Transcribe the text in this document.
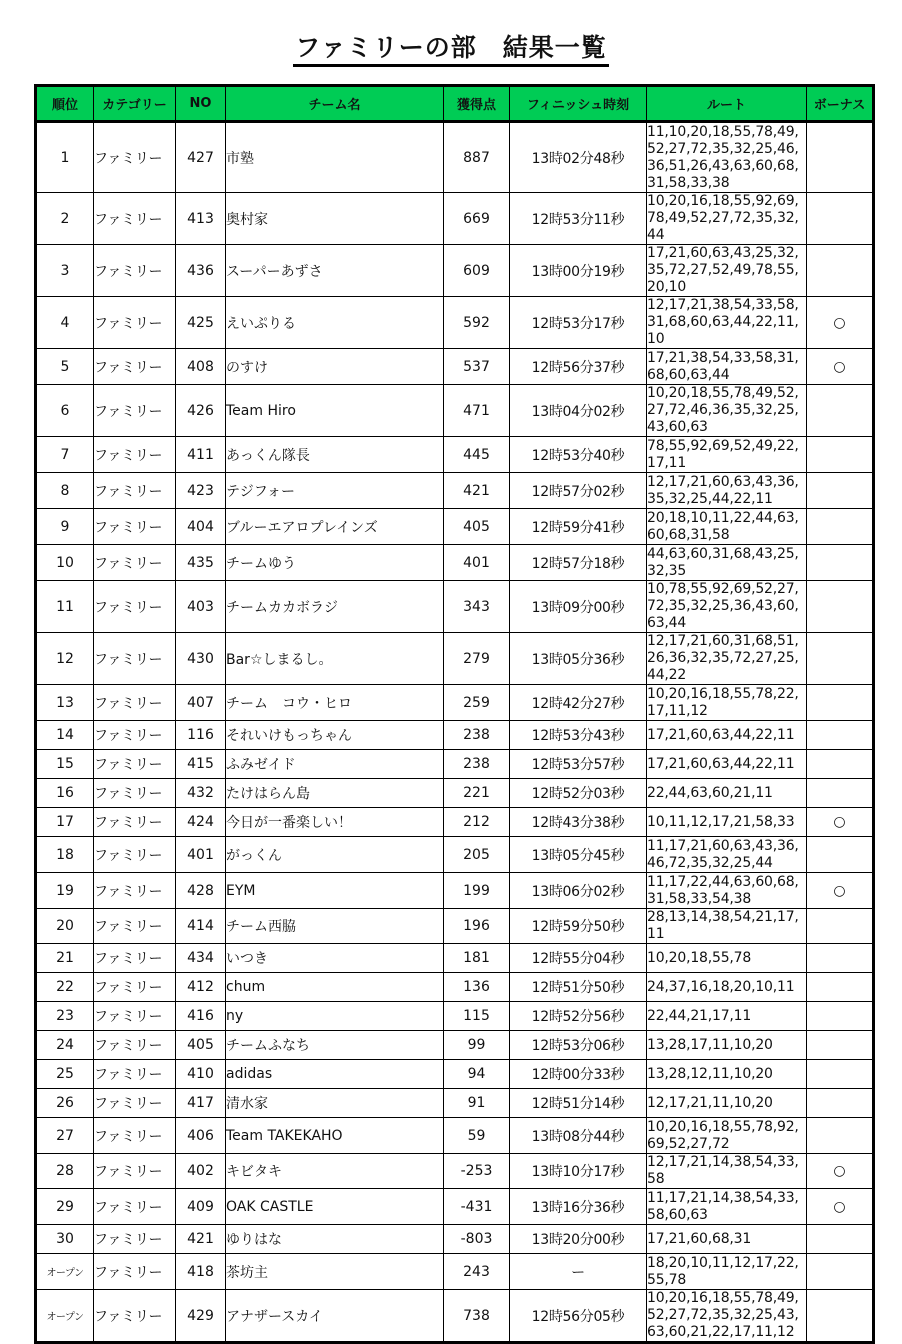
ファミリーの部　結果一覧
順位	カテゴリー	NO	チーム名	獲得点	フィニッシュ時刻	ルート	ボーナス
1	ファミリー	427	市塾	887	13時02分48秒	11,10,20,18,55,78,49,52,27,72,35,32,25,46,36,51,26,43,63,60,68,31,58,33,38	
2	ファミリー	413	奥村家	669	12時53分11秒	10,20,16,18,55,92,69,78,49,52,27,72,35,32,44	
3	ファミリー	436	スーパーあずさ	609	13時00分19秒	17,21,60,63,43,25,32,35,72,27,52,49,78,55,20,10	
4	ファミリー	425	えいぷりる	592	12時53分17秒	12,17,21,38,54,33,58,31,68,60,63,44,22,11,10	○
5	ファミリー	408	のすけ	537	12時56分37秒	17,21,38,54,33,58,31,68,60,63,44	○
6	ファミリー	426	Team Hiro	471	13時04分02秒	10,20,18,55,78,49,52,27,72,46,36,35,32,25,43,60,63	
7	ファミリー	411	あっくん隊長	445	12時53分40秒	78,55,92,69,52,49,22,17,11	
8	ファミリー	423	テジフォー	421	12時57分02秒	12,17,21,60,63,43,36,35,32,25,44,22,11	
9	ファミリー	404	ブルーエアロプレインズ	405	12時59分41秒	20,18,10,11,22,44,63,60,68,31,58	
10	ファミリー	435	チームゆう	401	12時57分18秒	44,63,60,31,68,43,25,32,35	
11	ファミリー	403	チームカカボラジ	343	13時09分00秒	10,78,55,92,69,52,27,72,35,32,25,36,43,60,63,44	
12	ファミリー	430	Bar☆しまるし。	279	13時05分36秒	12,17,21,60,31,68,51,26,36,32,35,72,27,25,44,22	
13	ファミリー	407	チーム　コウ・ヒロ	259	12時42分27秒	10,20,16,18,55,78,22,17,11,12	
14	ファミリー	116	それいけもっちゃん	238	12時53分43秒	17,21,60,63,44,22,11	
15	ファミリー	415	ふみゼイド	238	12時53分57秒	17,21,60,63,44,22,11	
16	ファミリー	432	たけはらん島	221	12時52分03秒	22,44,63,60,21,11	
17	ファミリー	424	今日が一番楽しい！	212	12時43分38秒	10,11,12,17,21,58,33	○
18	ファミリー	401	がっくん	205	13時05分45秒	11,17,21,60,63,43,36,46,72,35,32,25,44	
19	ファミリー	428	EYM	199	13時06分02秒	11,17,22,44,63,60,68,31,58,33,54,38	○
20	ファミリー	414	チーム西脇	196	12時59分50秒	28,13,14,38,54,21,17,11	
21	ファミリー	434	いつき	181	12時55分04秒	10,20,18,55,78	
22	ファミリー	412	chum	136	12時51分50秒	24,37,16,18,20,10,11	
23	ファミリー	416	ny	115	12時52分56秒	22,44,21,17,11	
24	ファミリー	405	チームふなち	99	12時53分06秒	13,28,17,11,10,20	
25	ファミリー	410	adidas	94	12時00分33秒	13,28,12,11,10,20	
26	ファミリー	417	清水家	91	12時51分14秒	12,17,21,11,10,20	
27	ファミリー	406	Team TAKEKAHO	59	13時08分44秒	10,20,16,18,55,78,92,69,52,27,72	
28	ファミリー	402	キビタキ	-253	13時10分17秒	12,17,21,14,38,54,33,58	○
29	ファミリー	409	OAK CASTLE	-431	13時16分36秒	11,17,21,14,38,54,33,58,60,63	○
30	ファミリー	421	ゆりはな	-803	13時20分00秒	17,21,60,68,31	
オープン	ファミリー	418	茶坊主	243	ー	18,20,10,11,12,17,22,55,78	
オープン	ファミリー	429	アナザースカイ	738	12時56分05秒	10,20,16,18,55,78,49,52,27,72,35,32,25,43,63,60,21,22,17,11,12	
